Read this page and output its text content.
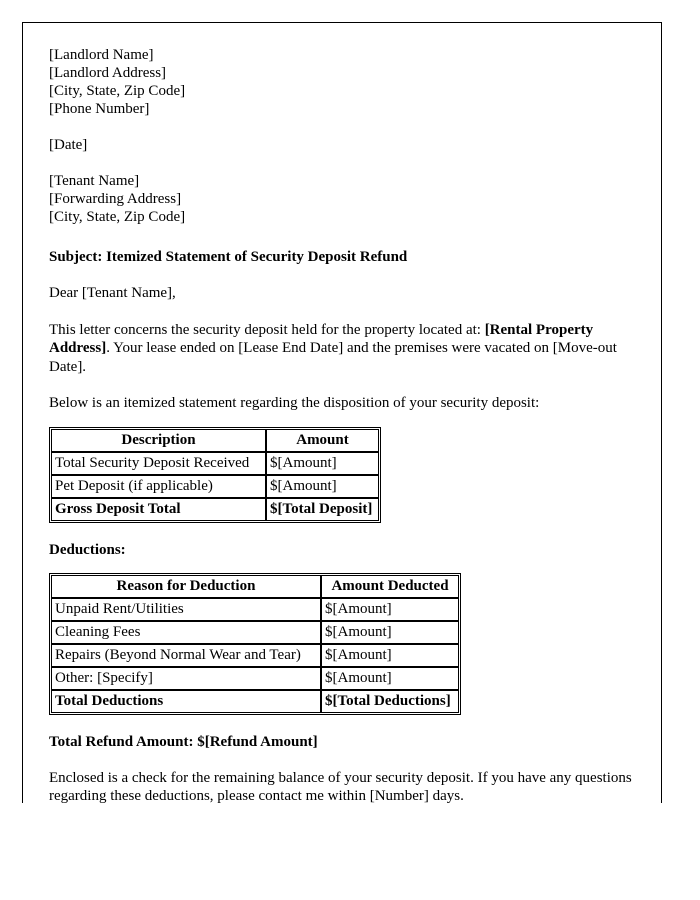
[Landlord Name]
[Landlord Address]
[City, State, Zip Code]
[Phone Number]
[Date]
[Tenant Name]
[Forwarding Address]
[City, State, Zip Code]
Subject: Itemized Statement of Security Deposit Refund

Dear [Tenant Name],

This letter concerns the security deposit held for the property located at: [Rental Property Address]. Your lease ended on [Lease End Date] and the premises were vacated on [Move-out Date].

Below is an itemized statement regarding the disposition of your security deposit:

Description	Amount
Total Security Deposit Received	$[Amount]
Pet Deposit (if applicable)	$[Amount]
Gross Deposit Total	$[Total Deposit]
Deductions:
Reason for Deduction	Amount Deducted
Unpaid Rent/Utilities	$[Amount]
Cleaning Fees	$[Amount]
Repairs (Beyond Normal Wear and Tear)	$[Amount]
Other: [Specify]	$[Amount]
Total Deductions	$[Total Deductions]
Total Refund Amount: $[Refund Amount]

Enclosed is a check for the remaining balance of your security deposit. If you have any questions regarding these deductions, please contact me within [Number] days.
